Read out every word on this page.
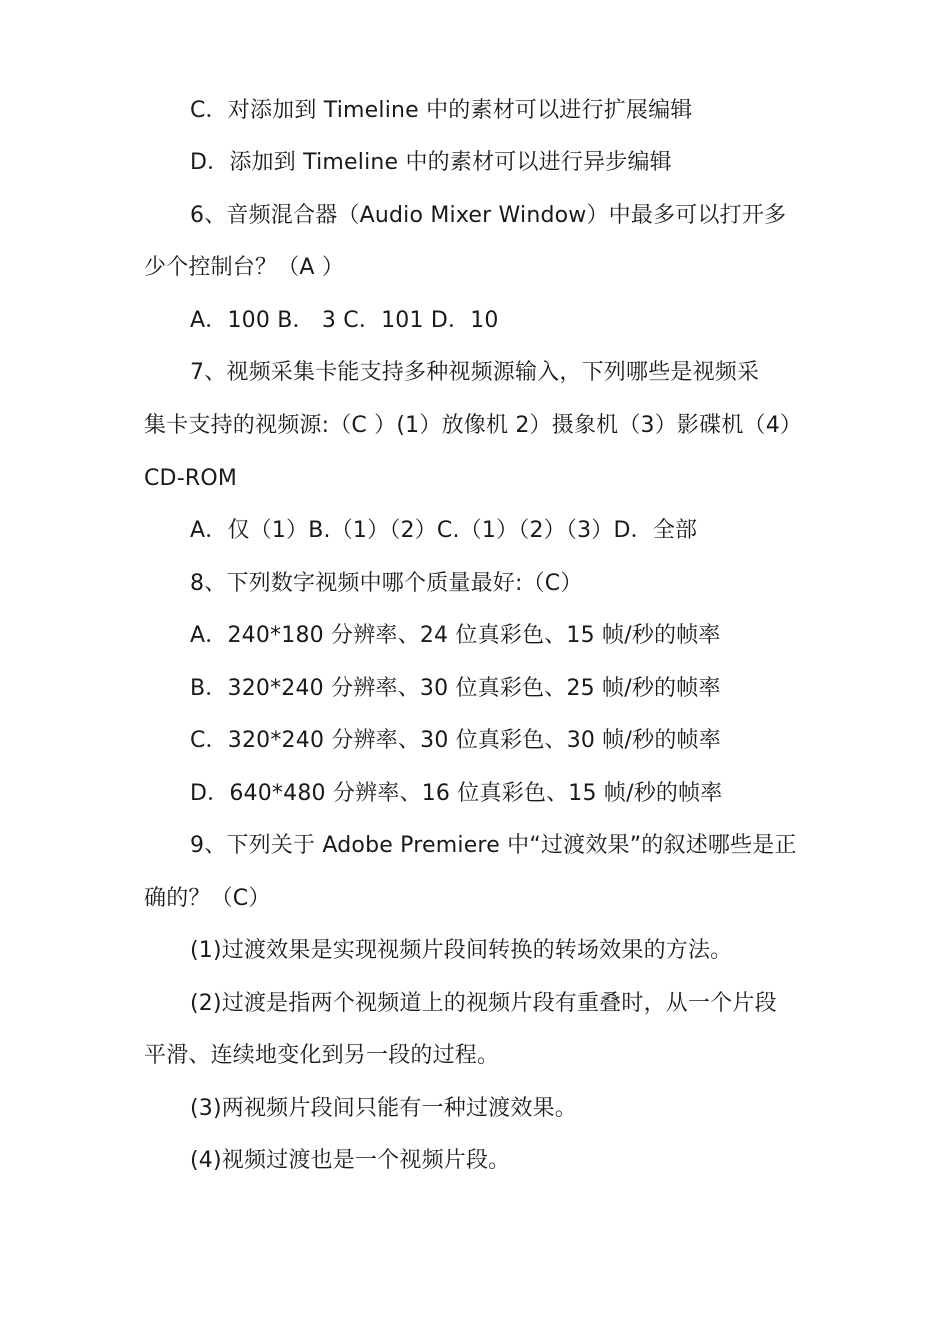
C．对添加到 Timeline 中的素材可以进行扩展编辑
D．添加到 Timeline 中的素材可以进行异步编辑
6、音频混合器（Audio Mixer Window）中最多可以打开多
少个控制台？（A ）
A．100 B． 3 C．101 D．10
7、视频采集卡能支持多种视频源输入，下列哪些是视频采
集卡支持的视频源:（C ）(1）放像机 2）摄象机（3）影碟机（4）
CD-ROM
A．仅（1）B.（1）（2）C.（1）（2）（3）D．全部
8、下列数字视频中哪个质量最好:（C）
A．240*180 分辨率、24 位真彩色、15 帧/秒的帧率
B．320*240 分辨率、30 位真彩色、25 帧/秒的帧率
C．320*240 分辨率、30 位真彩色、30 帧/秒的帧率
D．640*480 分辨率、16 位真彩色、15 帧/秒的帧率
9、下列关于 Adobe Premiere 中“过渡效果”的叙述哪些是正
确的？（C）
(1)过渡效果是实现视频片段间转换的转场效果的方法。
(2)过渡是指两个视频道上的视频片段有重叠时，从一个片段
平滑、连续地变化到另一段的过程。
(3)两视频片段间只能有一种过渡效果。
(4)视频过渡也是一个视频片段。
